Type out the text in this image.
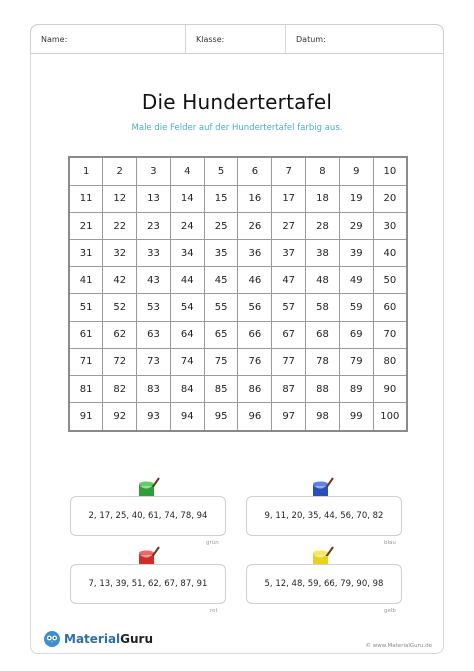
Name:	Klasse:	Datum:
Die Hundertertafel
Male die Felder auf der Hundertertafel farbig aus.
1	2	3	4	5	6	7	8	9	10
11	12	13	14	15	16	17	18	19	20
21	22	23	24	25	26	27	28	29	30
31	32	33	34	35	36	37	38	39	40
41	42	43	44	45	46	47	48	49	50
51	52	53	54	55	56	57	58	59	60
61	62	63	64	65	66	67	68	69	70
71	72	73	74	75	76	77	78	79	80
81	82	83	84	85	86	87	88	89	90
91	92	93	94	95	96	97	98	99	100
2, 17, 25, 40, 61, 74, 78, 94
grün
9, 11, 20, 35, 44, 56, 70, 82
blau
7, 13, 39, 51, 62, 67, 87, 91
rot
5, 12, 48, 59, 66, 79, 90, 98
gelb
Material Guru	© www.MaterialGuru.de
